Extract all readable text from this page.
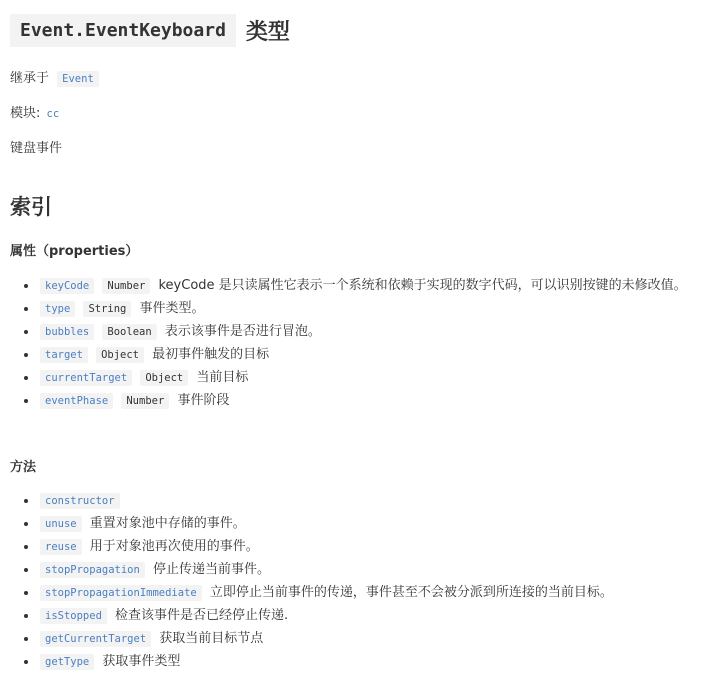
Event.EventKeyboard 类型
继承于 Event
模块: cc
键盘事件
索引
属性（properties）
keyCode Number keyCode 是只读属性它表示一个系统和依赖于实现的数字代码，可以识别按键的未修改值。
type String 事件类型。
bubbles Boolean 表示该事件是否进行冒泡。
target Object 最初事件触发的目标
currentTarget Object 当前目标
eventPhase Number 事件阶段
方法
constructor
unuse 重置对象池中存储的事件。
reuse 用于对象池再次使用的事件。
stopPropagation 停止传递当前事件。
stopPropagationImmediate 立即停止当前事件的传递，事件甚至不会被分派到所连接的当前目标。
isStopped 检查该事件是否已经停止传递.
getCurrentTarget 获取当前目标节点
getType 获取事件类型
